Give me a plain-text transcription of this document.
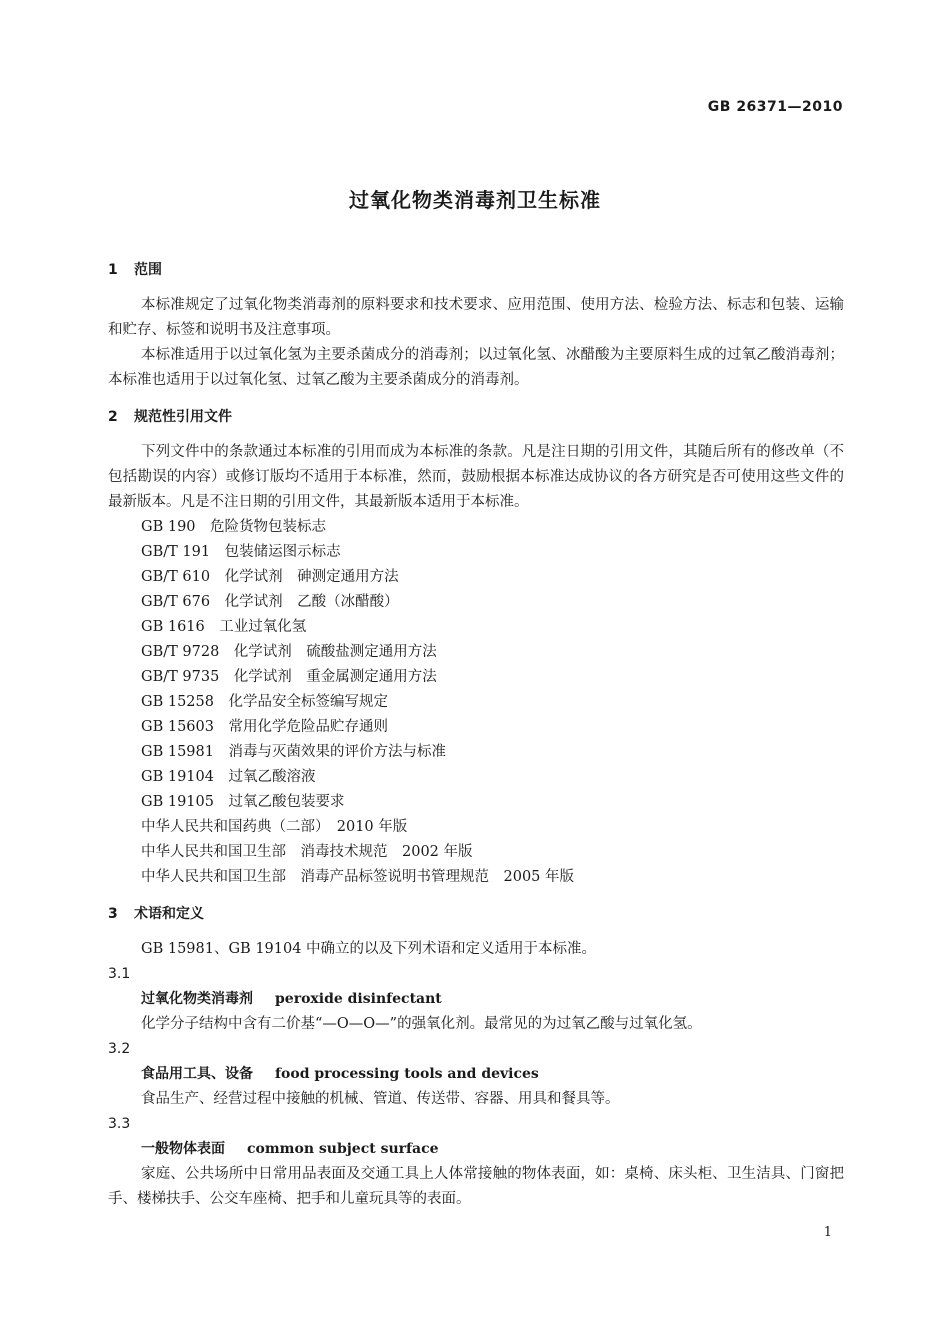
GB 26371—2010
过氧化物类消毒剂卫生标准
1 范围

本标准规定了过氧化物类消毒剂的原料要求和技术要求、应用范围、使用方法、检验方法、标志和包装、运输和贮存、标签和说明书及注意事项。

本标准适用于以过氧化氢为主要杀菌成分的消毒剂；以过氧化氢、冰醋酸为主要原料生成的过氧乙酸消毒剂；本标准也适用于以过氧化氢、过氧乙酸为主要杀菌成分的消毒剂。

2 规范性引用文件

下列文件中的条款通过本标准的引用而成为本标准的条款。凡是注日期的引用文件，其随后所有的修改单（不包括勘误的内容）或修订版均不适用于本标准，然而，鼓励根据本标准达成协议的各方研究是否可使用这些文件的最新版本。凡是不注日期的引用文件，其最新版本适用于本标准。

GB 190　危险货物包装标志

GB/T 191　包装储运图示标志

GB/T 610　化学试剂　砷测定通用方法

GB/T 676　化学试剂　乙酸（冰醋酸）

GB 1616　工业过氧化氢

GB/T 9728　化学试剂　硫酸盐测定通用方法

GB/T 9735　化学试剂　重金属测定通用方法

GB 15258　化学品安全标签编写规定

GB 15603　常用化学危险品贮存通则

GB 15981　消毒与灭菌效果的评价方法与标准

GB 19104　过氧乙酸溶液

GB 19105　过氧乙酸包装要求

中华人民共和国药典（二部）　2010 年版

中华人民共和国卫生部　消毒技术规范　2002 年版

中华人民共和国卫生部　消毒产品标签说明书管理规范　2005 年版

3 术语和定义

GB 15981、GB 19104 中确立的以及下列术语和定义适用于本标准。

3.1
过氧化物类消毒剂 peroxide disinfectant

化学分子结构中含有二价基“—O—O—”的强氧化剂。最常见的为过氧乙酸与过氧化氢。

3.2
食品用工具、设备 food processing tools and devices

食品生产、经营过程中接触的机械、管道、传送带、容器、用具和餐具等。

3.3
一般物体表面 common subject surface

家庭、公共场所中日常用品表面及交通工具上人体常接触的物体表面，如：桌椅、床头柜、卫生洁具、门窗把手、楼梯扶手、公交车座椅、把手和儿童玩具等的表面。

1
